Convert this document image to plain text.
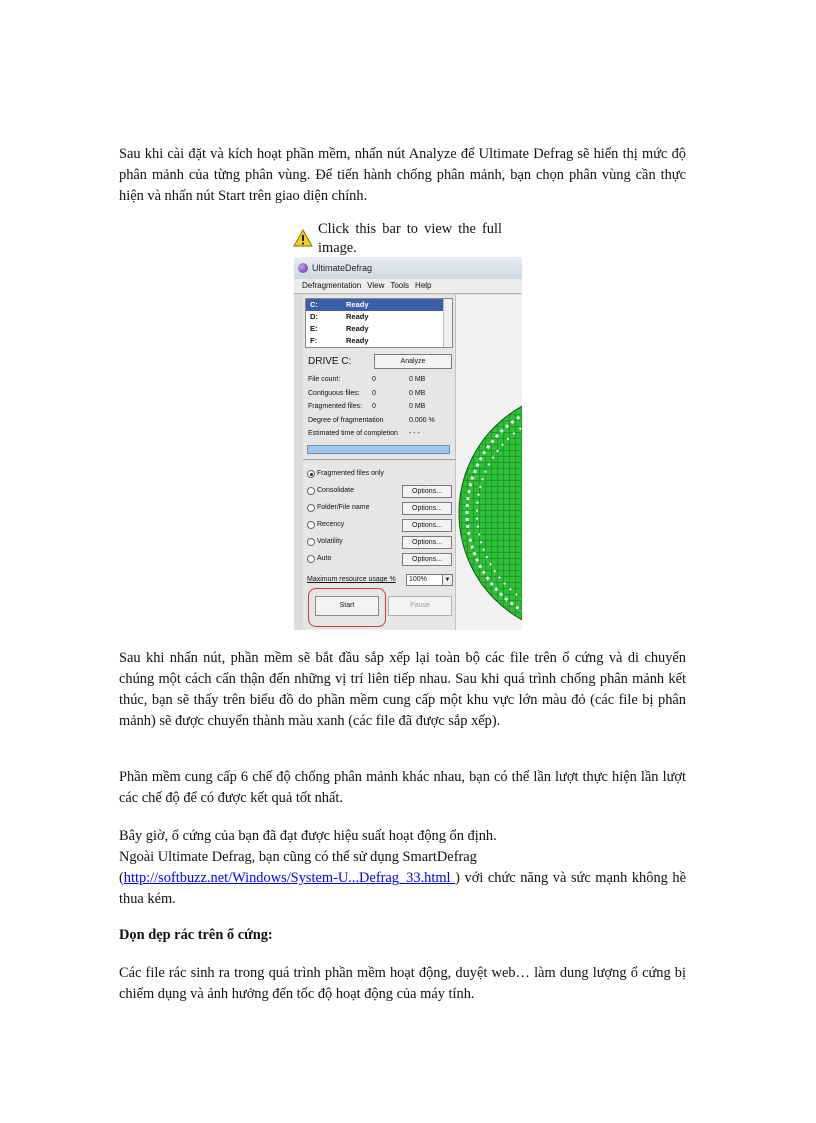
Sau khi cài đặt và kích hoạt phần mềm, nhấn nút Analyze để Ultimate Defrag sẽ hiển thị mức độ phân mảnh của từng phân vùng. Để tiến hành chống phân mảnh, bạn chọn phân vùng cần thực hiện và nhấn nút Start trên giao diện chính.
Click this bar to view the full image.
UltimateDefrag
Defragmentation View Tools Help
C:	Ready
D:	Ready
E:	Ready
F:	Ready
DRIVE C:	Analyze
File count:	0	0 MB
Contiguous files: 0	0 MB
Fragmented files: 0	0 MB
Degree of fragmentation	0.000 %
Estimated time of completion - - -
Fragmented files only
Consolidate	Options...
Folder/File name	Options...
Recency	Options...
Volatility	Options...
Auto	Options...
Maximum resource usage %	100%	▼
Start	Pause
Sau khi nhấn nút, phần mềm sẽ bắt đầu sắp xếp lại toàn bộ các file trên ổ cứng và di chuyển chúng một cách cẩn thận đến những vị trí liên tiếp nhau. Sau khi quá trình chống phân mảnh kết thúc, bạn sẽ thấy trên biểu đồ do phần mềm cung cấp một khu vực lớn màu đỏ (các file bị phân mảnh) sẽ được chuyển thành màu xanh (các file đã được sắp xếp).
Phần mềm cung cấp 6 chế độ chống phân mảnh khác nhau, bạn có thể lần lượt thực hiện lần lượt các chế độ để có được kết quả tốt nhất.
Bây giờ, ổ cứng của bạn đã đạt được hiệu suất hoạt động ổn định.
Ngoài Ultimate Defrag, bạn cũng có thể sử dụng SmartDefrag
(http://softbuzz.net/Windows/System-U...Defrag_33.html ) với chức năng và sức mạnh không hề thua kém.
Dọn dẹp rác trên ổ cứng:
Các file rác sinh ra trong quá trình phần mềm hoạt động, duyệt web… làm dung lượng ổ cứng bị chiếm dụng và ảnh hưởng đến tốc độ hoạt động của máy tính.
